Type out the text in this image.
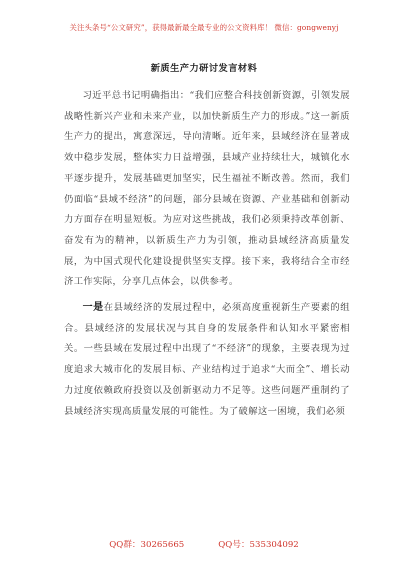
关注头条号“公文研究”，获得最新最全最专业的公文资料库！ 微信：gongwenyj
新质生产力研讨发言材料

习近平总书记明确指出：“我们应整合科技创新资源，引领发展战略性新兴产业和未来产业，以加快新质生产力的形成。”这一新质生产力的提出，寓意深远，导向清晰。近年来，县域经济在显著成效中稳步发展，整体实力日益增强，县域产业持续壮大，城镇化水平逐步提升，发展基础更加坚实，民生福祉不断改善。然而，我们仍面临“县域不经济”的问题，部分县域在资源、产业基础和创新动力方面存在明显短板。为应对这些挑战，我们必须秉持改革创新、奋发有为的精神，以新质生产力为引领，推动县域经济高质量发展，为中国式现代化建设提供坚实支撑。接下来，我将结合全市经济工作实际，分享几点体会，以供参考。

一是在县域经济的发展过程中，必须高度重视新生产要素的组合。县域经济的发展状况与其自身的发展条件和认知水平紧密相关。一些县域在发展过程中出现了“不经济”的现象，主要表现为过度追求大城市化的发展目标、产业结构过于追求“大而全”、增长动力过度依赖政府投资以及创新驱动力不足等。这些问题严重制约了县域经济实现高质量发展的可能性。为了破解这一困境，我们必须

QQ群：30265665	QQ号：535304092
